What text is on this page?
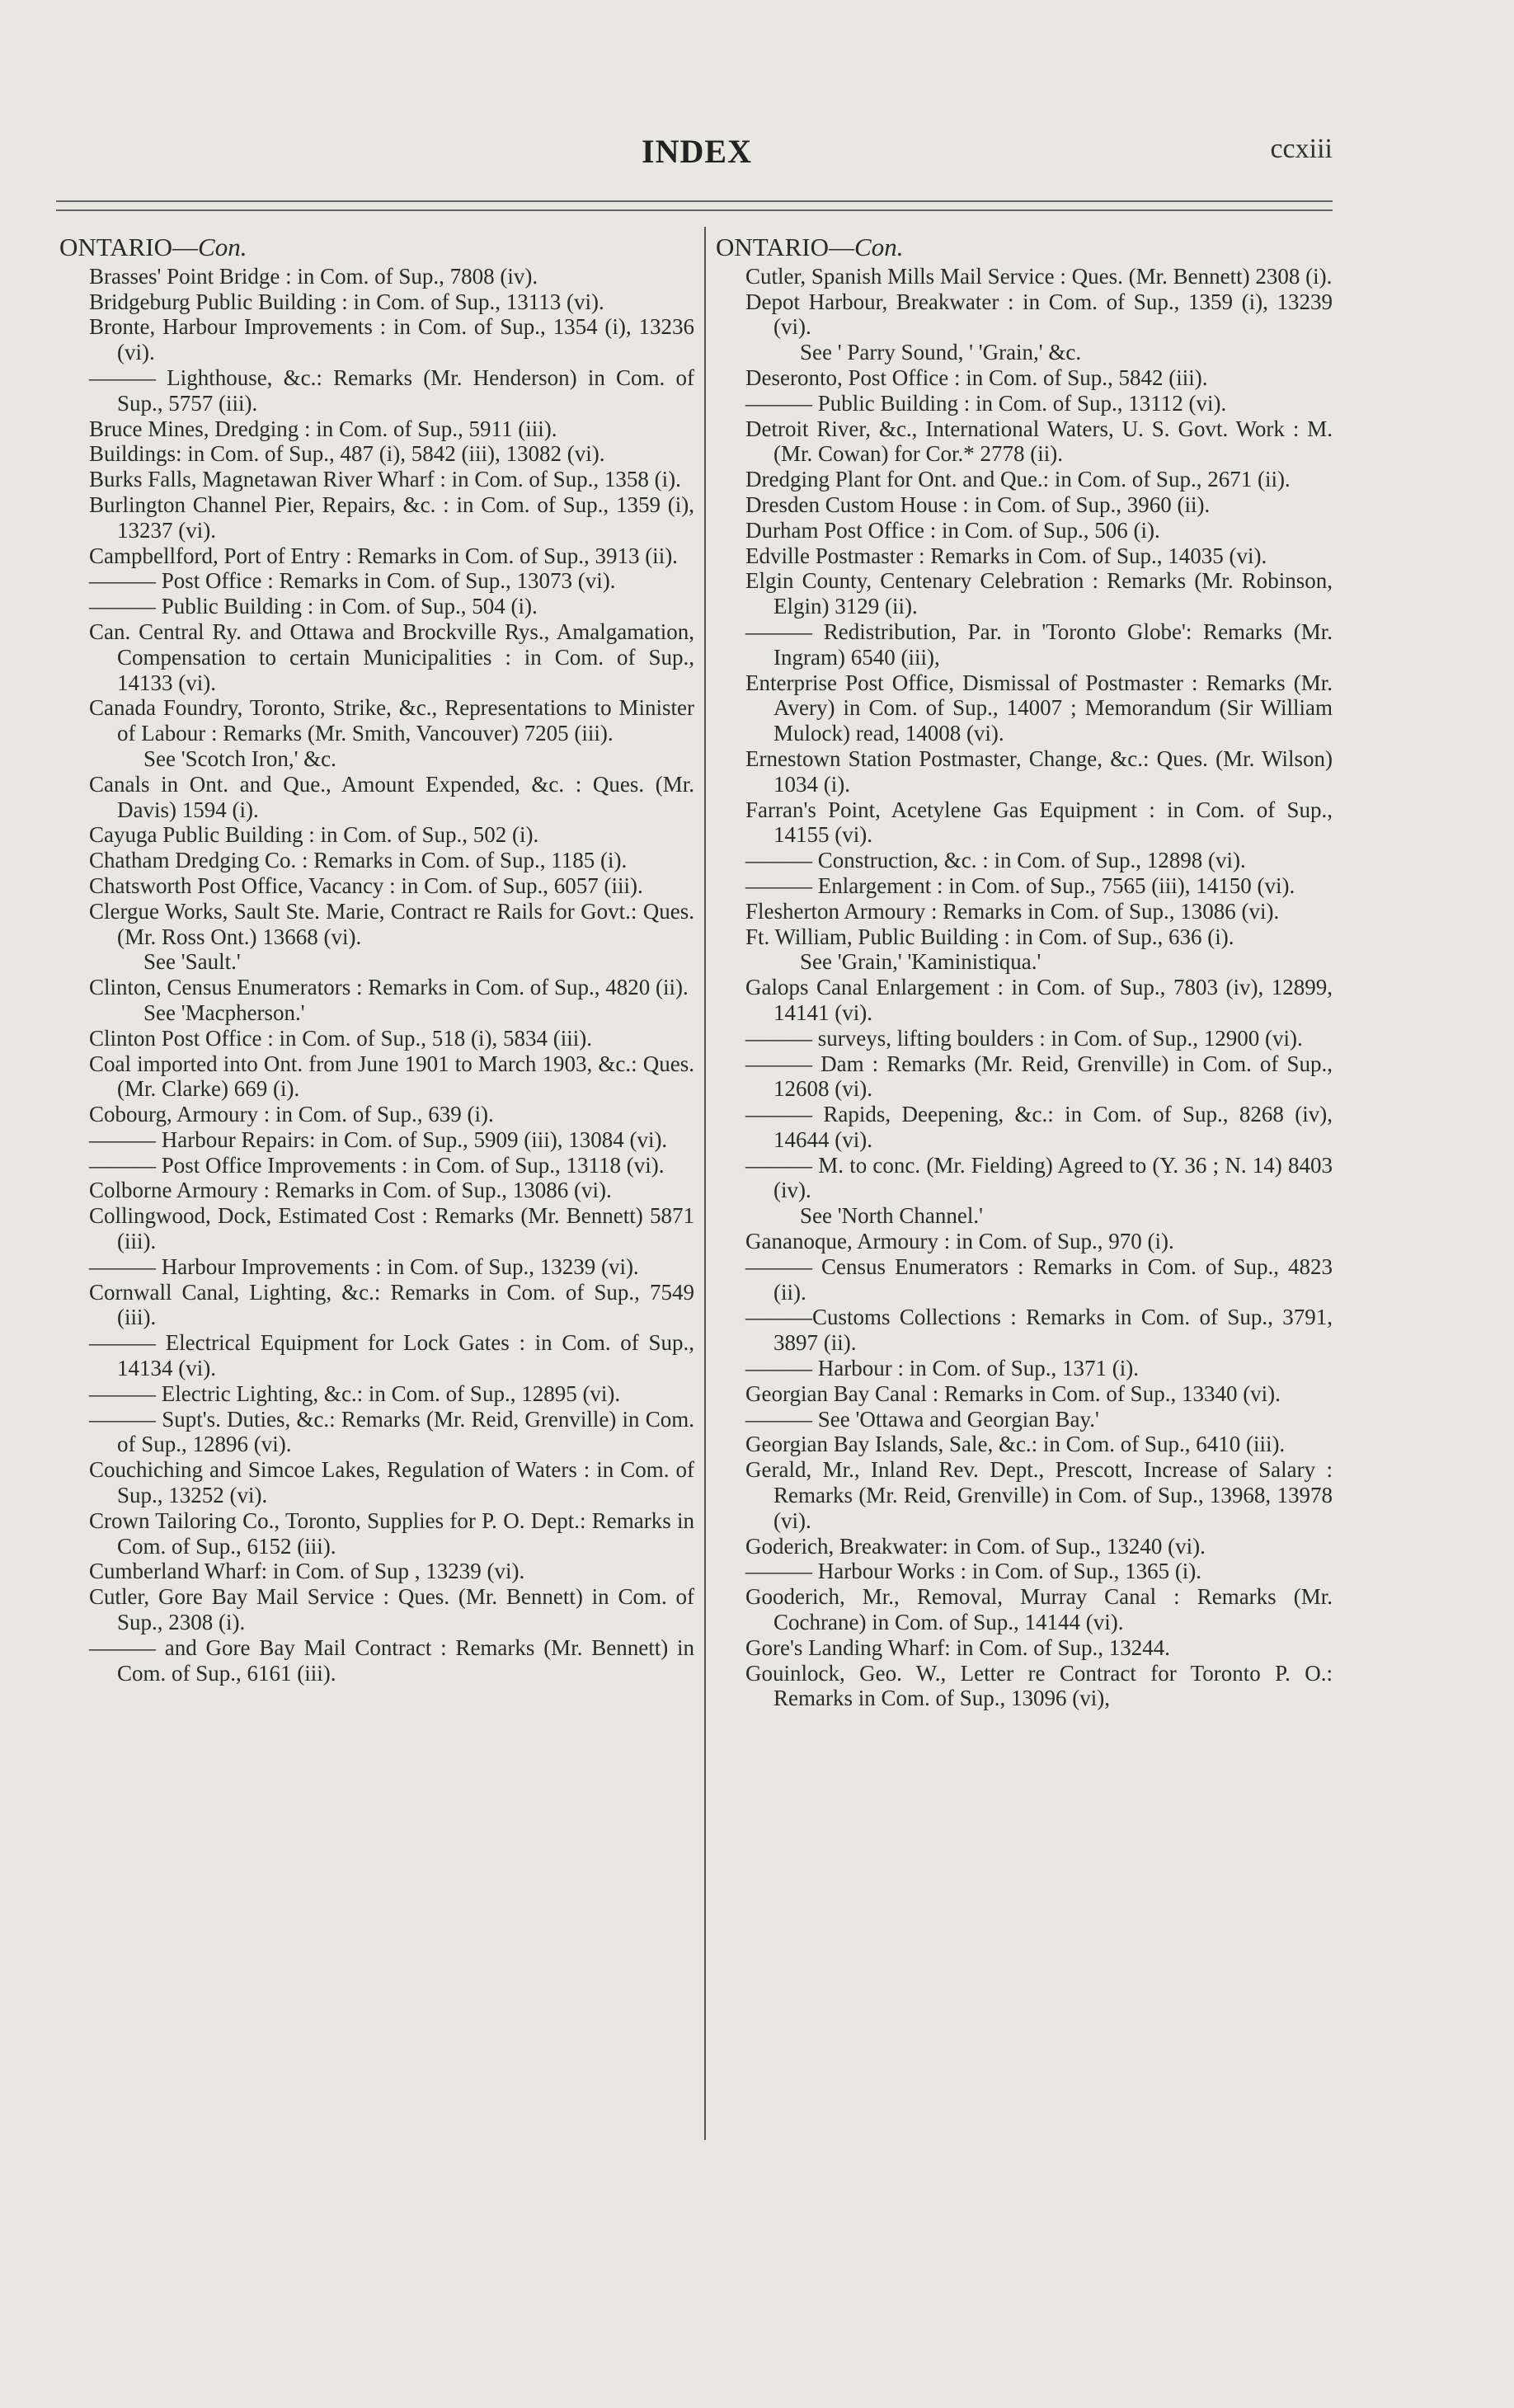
INDEX	ccxiii
ONTARIO—Con.
Brasses' Point Bridge : in Com. of Sup., 7808 (iv).
Bridgeburg Public Building : in Com. of Sup., 13113 (vi).
Bronte, Harbour Improvements : in Com. of Sup., 1354 (i), 13236 (vi).
——— Lighthouse, &c.: Remarks (Mr. Henderson) in Com. of Sup., 5757 (iii).
Bruce Mines, Dredging : in Com. of Sup., 5911 (iii).
Buildings: in Com. of Sup., 487 (i), 5842 (iii), 13082 (vi).
Burks Falls, Magnetawan River Wharf : in Com. of Sup., 1358 (i).
Burlington Channel Pier, Repairs, &c. : in Com. of Sup., 1359 (i), 13237 (vi).
Campbellford, Port of Entry : Remarks in Com. of Sup., 3913 (ii).
——— Post Office : Remarks in Com. of Sup., 13073 (vi).
——— Public Building : in Com. of Sup., 504 (i).
Can. Central Ry. and Ottawa and Brockville Rys., Amalgamation, Compensation to certain Municipalities : in Com. of Sup., 14133 (vi).
Canada Foundry, Toronto, Strike, &c., Representations to Minister of Labour : Remarks (Mr. Smith, Vancouver) 7205 (iii).
See 'Scotch Iron,' &c.
Canals in Ont. and Que., Amount Expended, &c. : Ques. (Mr. Davis) 1594 (i).
Cayuga Public Building : in Com. of Sup., 502 (i).
Chatham Dredging Co. : Remarks in Com. of Sup., 1185 (i).
Chatsworth Post Office, Vacancy : in Com. of Sup., 6057 (iii).
Clergue Works, Sault Ste. Marie, Contract re Rails for Govt.: Ques. (Mr. Ross Ont.) 13668 (vi).
See 'Sault.'
Clinton, Census Enumerators : Remarks in Com. of Sup., 4820 (ii).
See 'Macpherson.'
Clinton Post Office : in Com. of Sup., 518 (i), 5834 (iii).
Coal imported into Ont. from June 1901 to March 1903, &c.: Ques. (Mr. Clarke) 669 (i).
Cobourg, Armoury : in Com. of Sup., 639 (i).
——— Harbour Repairs: in Com. of Sup., 5909 (iii), 13084 (vi).
——— Post Office Improvements : in Com. of Sup., 13118 (vi).
Colborne Armoury : Remarks in Com. of Sup., 13086 (vi).
Collingwood, Dock, Estimated Cost : Remarks (Mr. Bennett) 5871 (iii).
——— Harbour Improvements : in Com. of Sup., 13239 (vi).
Cornwall Canal, Lighting, &c.: Remarks in Com. of Sup., 7549 (iii).
——— Electrical Equipment for Lock Gates : in Com. of Sup., 14134 (vi).
——— Electric Lighting, &c.: in Com. of Sup., 12895 (vi).
——— Supt's. Duties, &c.: Remarks (Mr. Reid, Grenville) in Com. of Sup., 12896 (vi).
Couchiching and Simcoe Lakes, Regulation of Waters : in Com. of Sup., 13252 (vi).
Crown Tailoring Co., Toronto, Supplies for P. O. Dept.: Remarks in Com. of Sup., 6152 (iii).
Cumberland Wharf: in Com. of Sup , 13239 (vi).
Cutler, Gore Bay Mail Service : Ques. (Mr. Bennett) in Com. of Sup., 2308 (i).
——— and Gore Bay Mail Contract : Remarks (Mr. Bennett) in Com. of Sup., 6161 (iii).
ONTARIO—Con.
Cutler, Spanish Mills Mail Service : Ques. (Mr. Bennett) 2308 (i).
Depot Harbour, Breakwater : in Com. of Sup., 1359 (i), 13239 (vi).
See ' Parry Sound, ' 'Grain,' &c.
Deseronto, Post Office : in Com. of Sup., 5842 (iii).
——— Public Building : in Com. of Sup., 13112 (vi).
Detroit River, &c., International Waters, U. S. Govt. Work : M. (Mr. Cowan) for Cor.* 2778 (ii).
Dredging Plant for Ont. and Que.: in Com. of Sup., 2671 (ii).
Dresden Custom House : in Com. of Sup., 3960 (ii).
Durham Post Office : in Com. of Sup., 506 (i).
Edville Postmaster : Remarks in Com. of Sup., 14035 (vi).
Elgin County, Centenary Celebration : Remarks (Mr. Robinson, Elgin) 3129 (ii).
——— Redistribution, Par. in 'Toronto Globe': Remarks (Mr. Ingram) 6540 (iii),
Enterprise Post Office, Dismissal of Postmaster : Remarks (Mr. Avery) in Com. of Sup., 14007 ; Memorandum (Sir William Mulock) read, 14008 (vi).
Ernestown Station Postmaster, Change, &c.: Ques. (Mr. Wilson) 1034 (i).
Farran's Point, Acetylene Gas Equipment : in Com. of Sup., 14155 (vi).
——— Construction, &c. : in Com. of Sup., 12898 (vi).
——— Enlargement : in Com. of Sup., 7565 (iii), 14150 (vi).
Flesherton Armoury : Remarks in Com. of Sup., 13086 (vi).
Ft. William, Public Building : in Com. of Sup., 636 (i).
See 'Grain,' 'Kaministiqua.'
Galops Canal Enlargement : in Com. of Sup., 7803 (iv), 12899, 14141 (vi).
——— surveys, lifting boulders : in Com. of Sup., 12900 (vi).
——— Dam : Remarks (Mr. Reid, Grenville) in Com. of Sup., 12608 (vi).
——— Rapids, Deepening, &c.: in Com. of Sup., 8268 (iv), 14644 (vi).
——— M. to conc. (Mr. Fielding) Agreed to (Y. 36 ; N. 14) 8403 (iv).
See 'North Channel.'
Gananoque, Armoury : in Com. of Sup., 970 (i).
——— Census Enumerators : Remarks in Com. of Sup., 4823 (ii).
———Customs Collections : Remarks in Com. of Sup., 3791, 3897 (ii).
——— Harbour : in Com. of Sup., 1371 (i).
Georgian Bay Canal : Remarks in Com. of Sup., 13340 (vi).
——— See 'Ottawa and Georgian Bay.'
Georgian Bay Islands, Sale, &c.: in Com. of Sup., 6410 (iii).
Gerald, Mr., Inland Rev. Dept., Prescott, Increase of Salary : Remarks (Mr. Reid, Grenville) in Com. of Sup., 13968, 13978 (vi).
Goderich, Breakwater: in Com. of Sup., 13240 (vi).
——— Harbour Works : in Com. of Sup., 1365 (i).
Gooderich, Mr., Removal, Murray Canal : Remarks (Mr. Cochrane) in Com. of Sup., 14144 (vi).
Gore's Landing Wharf: in Com. of Sup., 13244.
Gouinlock, Geo. W., Letter re Contract for Toronto P. O.: Remarks in Com. of Sup., 13096 (vi),
